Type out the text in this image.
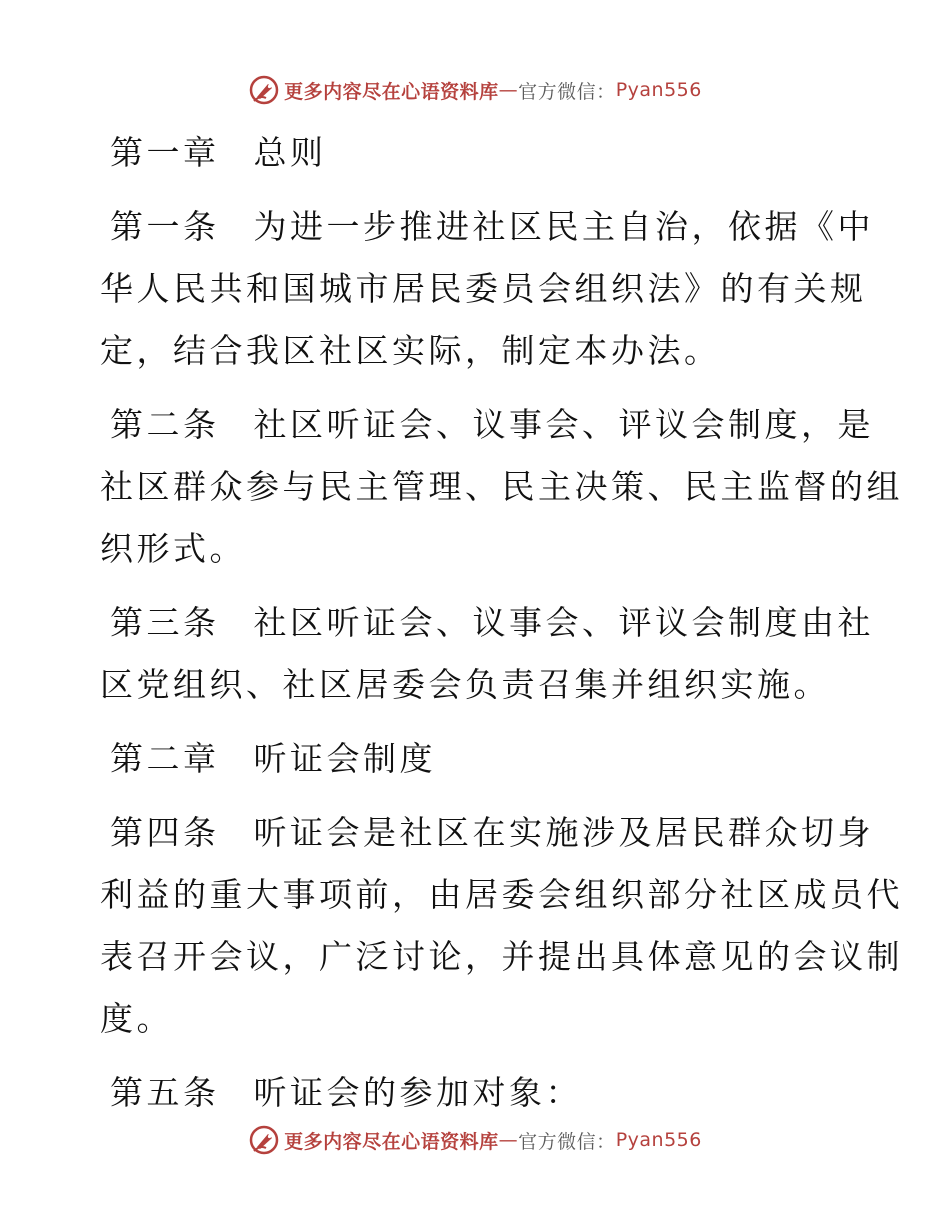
更多内容尽在心语资料库 — 官方微信： Pyan556

第一章 总则

第一条 为进一步推进社区民主自治，依据《中
华人民共和国城市居民委员会组织法》的有关规
定，结合我区社区实际，制定本办法。

第二条 社区听证会、议事会、评议会制度，是
社区群众参与民主管理、民主决策、民主监督的组
织形式。

第三条 社区听证会、议事会、评议会制度由社
区党组织、社区居委会负责召集并组织实施。

第二章 听证会制度

第四条 听证会是社区在实施涉及居民群众切身
利益的重大事项前，由居委会组织部分社区成员代
表召开会议，广泛讨论，并提出具体意见的会议制
度。

第五条 听证会的参加对象：

更多内容尽在心语资料库 — 官方微信： Pyan556
